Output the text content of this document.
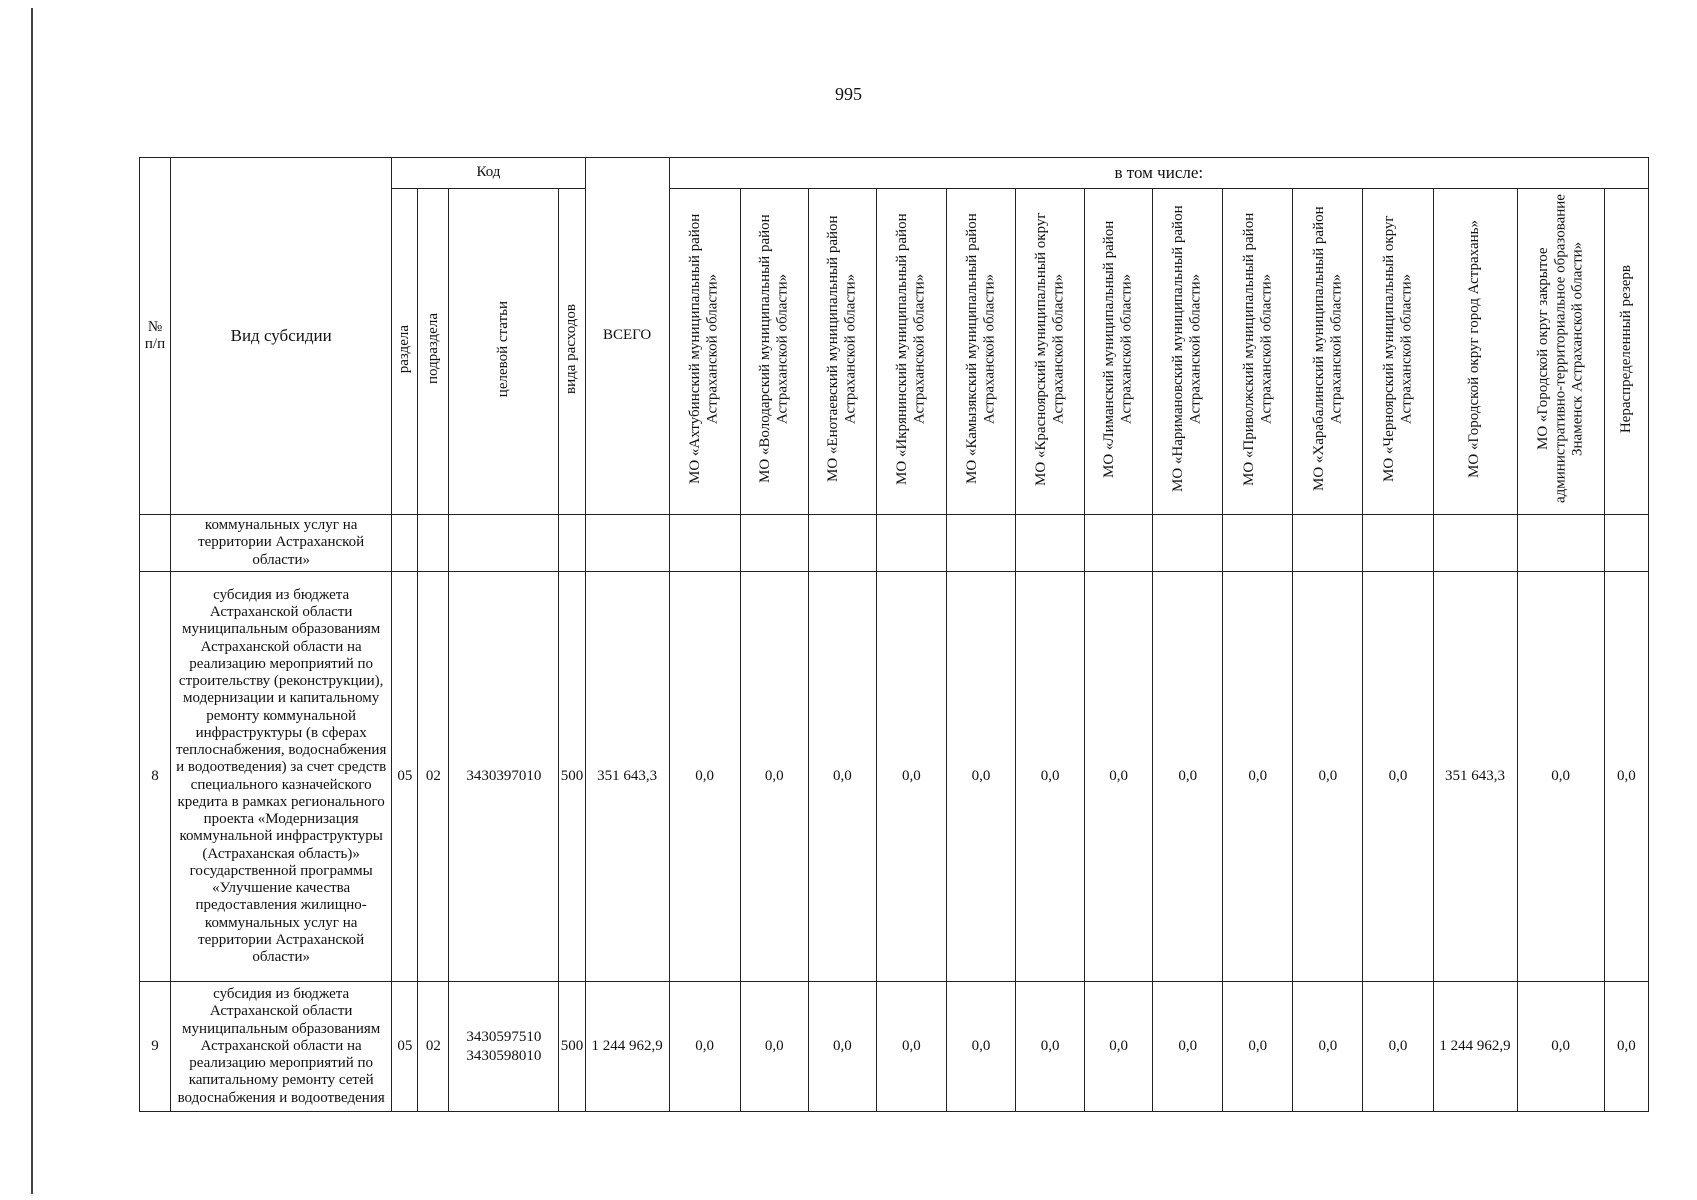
995
№ п/п	Вид субсидии	Код				ВСЕГО	в том числе:													
		раздела	подраздела	целевой статьи	вида расходов		МО «Ахтубинский муниципальный район Астраханской области»	МО «Володарский муниципальный район Астраханской области»	МО «Енотаевский муниципальный район Астраханской области»	МО «Икрянинский муниципальный район Астраханской области»	МО «Камызякский муниципальный район Астраханской области»	МО «Красноярский муниципальный округ Астраханской области»	МО «Лиманский муниципальный район Астраханской области»	МО «Наримановский муниципальный район Астраханской области»	МО «Приволжский муниципальный район Астраханской области»	МО «Харабалинский муниципальный район Астраханской области»	МО «Черноярский муниципальный округ Астраханской области»	МО «Городской округ город Астрахань»	МО «Городской округ закрытое административно-территориальное образование Знаменск Астраханской области»	Нераспределенный резерв
	коммунальных услуг на территории Астраханской области»																			
8	субсидия из бюджета Астраханской области муниципальным образованиям Астраханской области на реализацию мероприятий по строительству (реконструкции), модернизации и капитальному ремонту коммунальной инфраструктуры (в сферах теплоснабжения, водоснабжения и водоотведения) за счет средств специального казначейского кредита в рамках регионального проекта «Модернизация коммунальной инфраструктуры (Астраханская область)» государственной программы «Улучшение качества предоставления жилищно-коммунальных услуг на территории Астраханской области»	05	02	3430397010	500	351 643,3	0,0	0,0	0,0	0,0	0,0	0,0	0,0	0,0	0,0	0,0	0,0	351 643,3	0,0	0,0
9	субсидия из бюджета Астраханской области муниципальным образованиям Астраханской области на реализацию мероприятий по капитальному ремонту сетей водоснабжения и водоотведения	05	02	3430597510 3430598010	500	1 244 962,9	0,0	0,0	0,0	0,0	0,0	0,0	0,0	0,0	0,0	0,0	0,0	1 244 962,9	0,0	0,0
